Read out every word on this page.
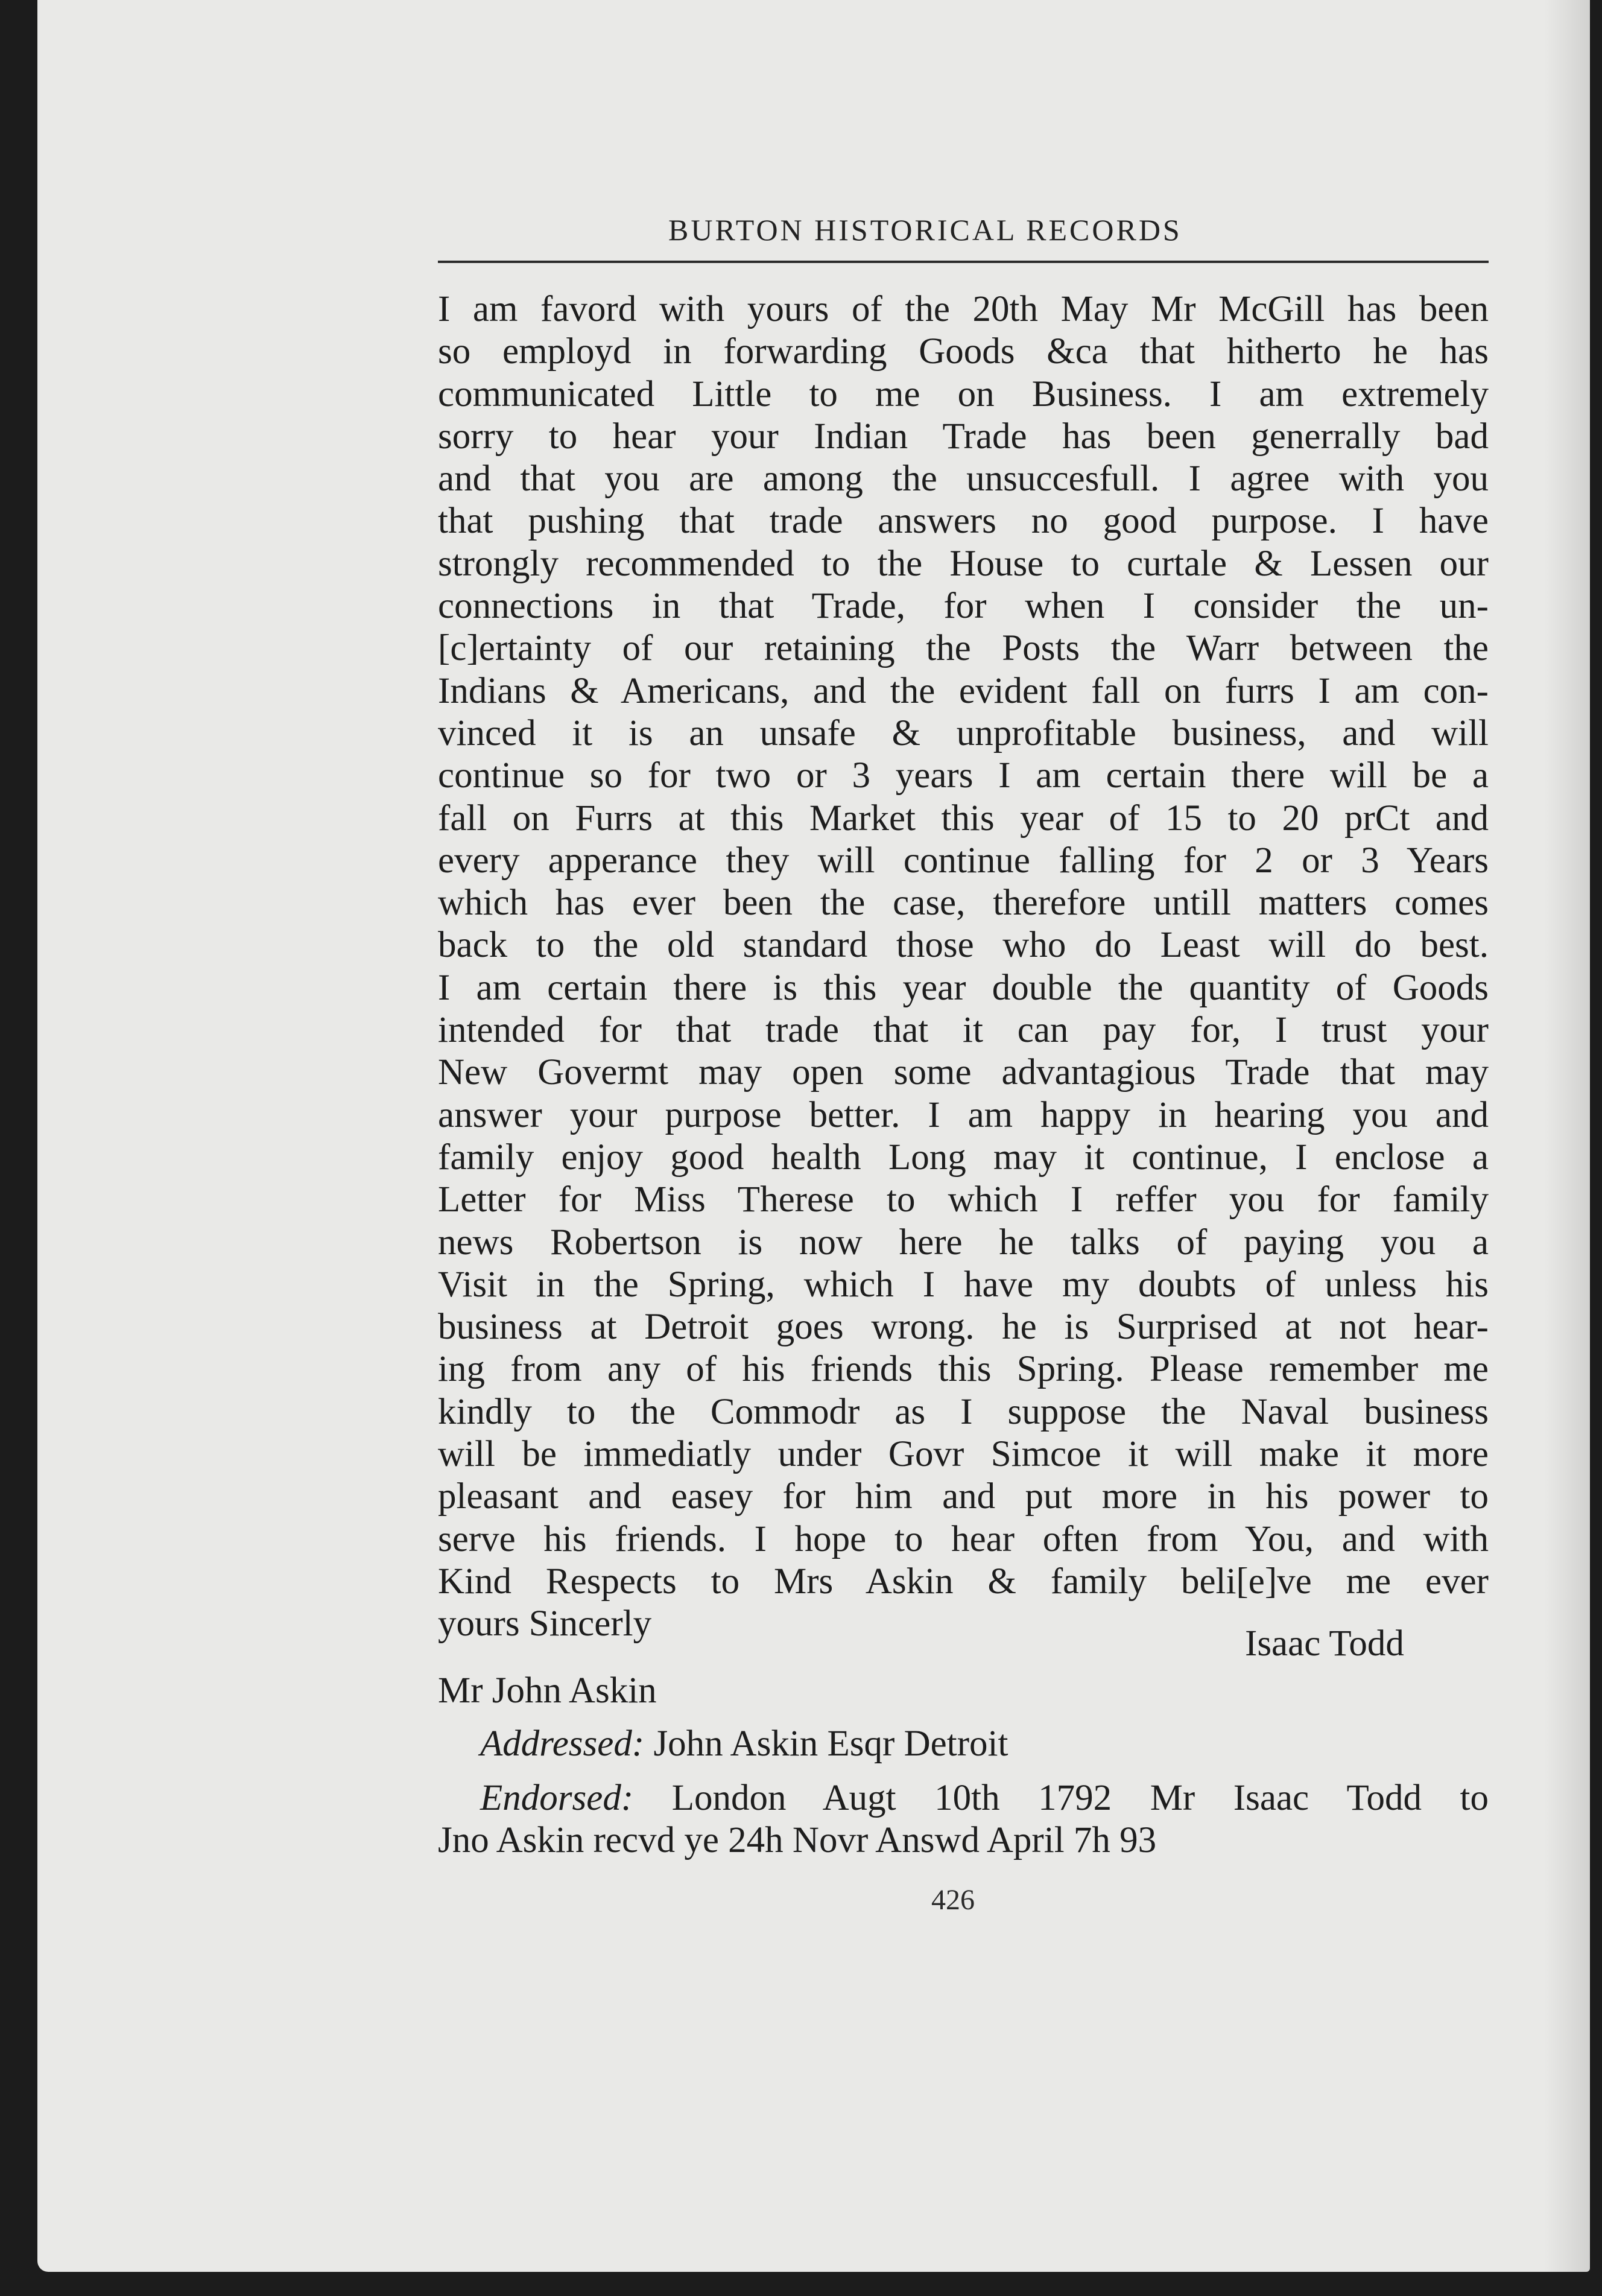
BURTON HISTORICAL RECORDS
I am favord with yours of the 20th May Mr McGill has been
so employd in forwarding Goods &ca that hitherto he has
communicated Little to me on Business. I am extremely
sorry to hear your Indian Trade has been generrally bad
and that you are among the unsuccesfull. I agree with you
that pushing that trade answers no good purpose. I have
strongly recommended to the House to curtale & Lessen our
connections in that Trade, for when I consider the un-
[c]ertainty of our retaining the Posts the Warr between the
Indians & Americans, and the evident fall on furrs I am con-
vinced it is an unsafe & unprofitable business, and will
continue so for two or 3 years I am certain there will be a
fall on Furrs at this Market this year of 15 to 20 prCt and
every apperance they will continue falling for 2 or 3 Years
which has ever been the case, therefore untill matters comes
back to the old standard those who do Least will do best.
I am certain there is this year double the quantity of Goods
intended for that trade that it can pay for, I trust your
New Govermt may open some advantagious Trade that may
answer your purpose better. I am happy in hearing you and
family enjoy good health Long may it continue, I enclose a
Letter for Miss Therese to which I reffer you for family
news Robertson is now here he talks of paying you a
Visit in the Spring, which I have my doubts of unless his
business at Detroit goes wrong. he is Surprised at not hear-
ing from any of his friends this Spring. Please remember me
kindly to the Commodr as I suppose the Naval business
will be immediatly under Govr Simcoe it will make it more
pleasant and easey for him and put more in his power to
serve his friends. I hope to hear often from You, and with
Kind Respects to Mrs Askin & family beli[e]ve me ever
yours Sincerly	Isaac Todd
Mr John Askin
Addressed: John Askin Esqr Detroit
Endorsed: London Augt 10th 1792 Mr Isaac Todd to
Jno Askin recvd ye 24h Novr Answd April 7h 93
426
